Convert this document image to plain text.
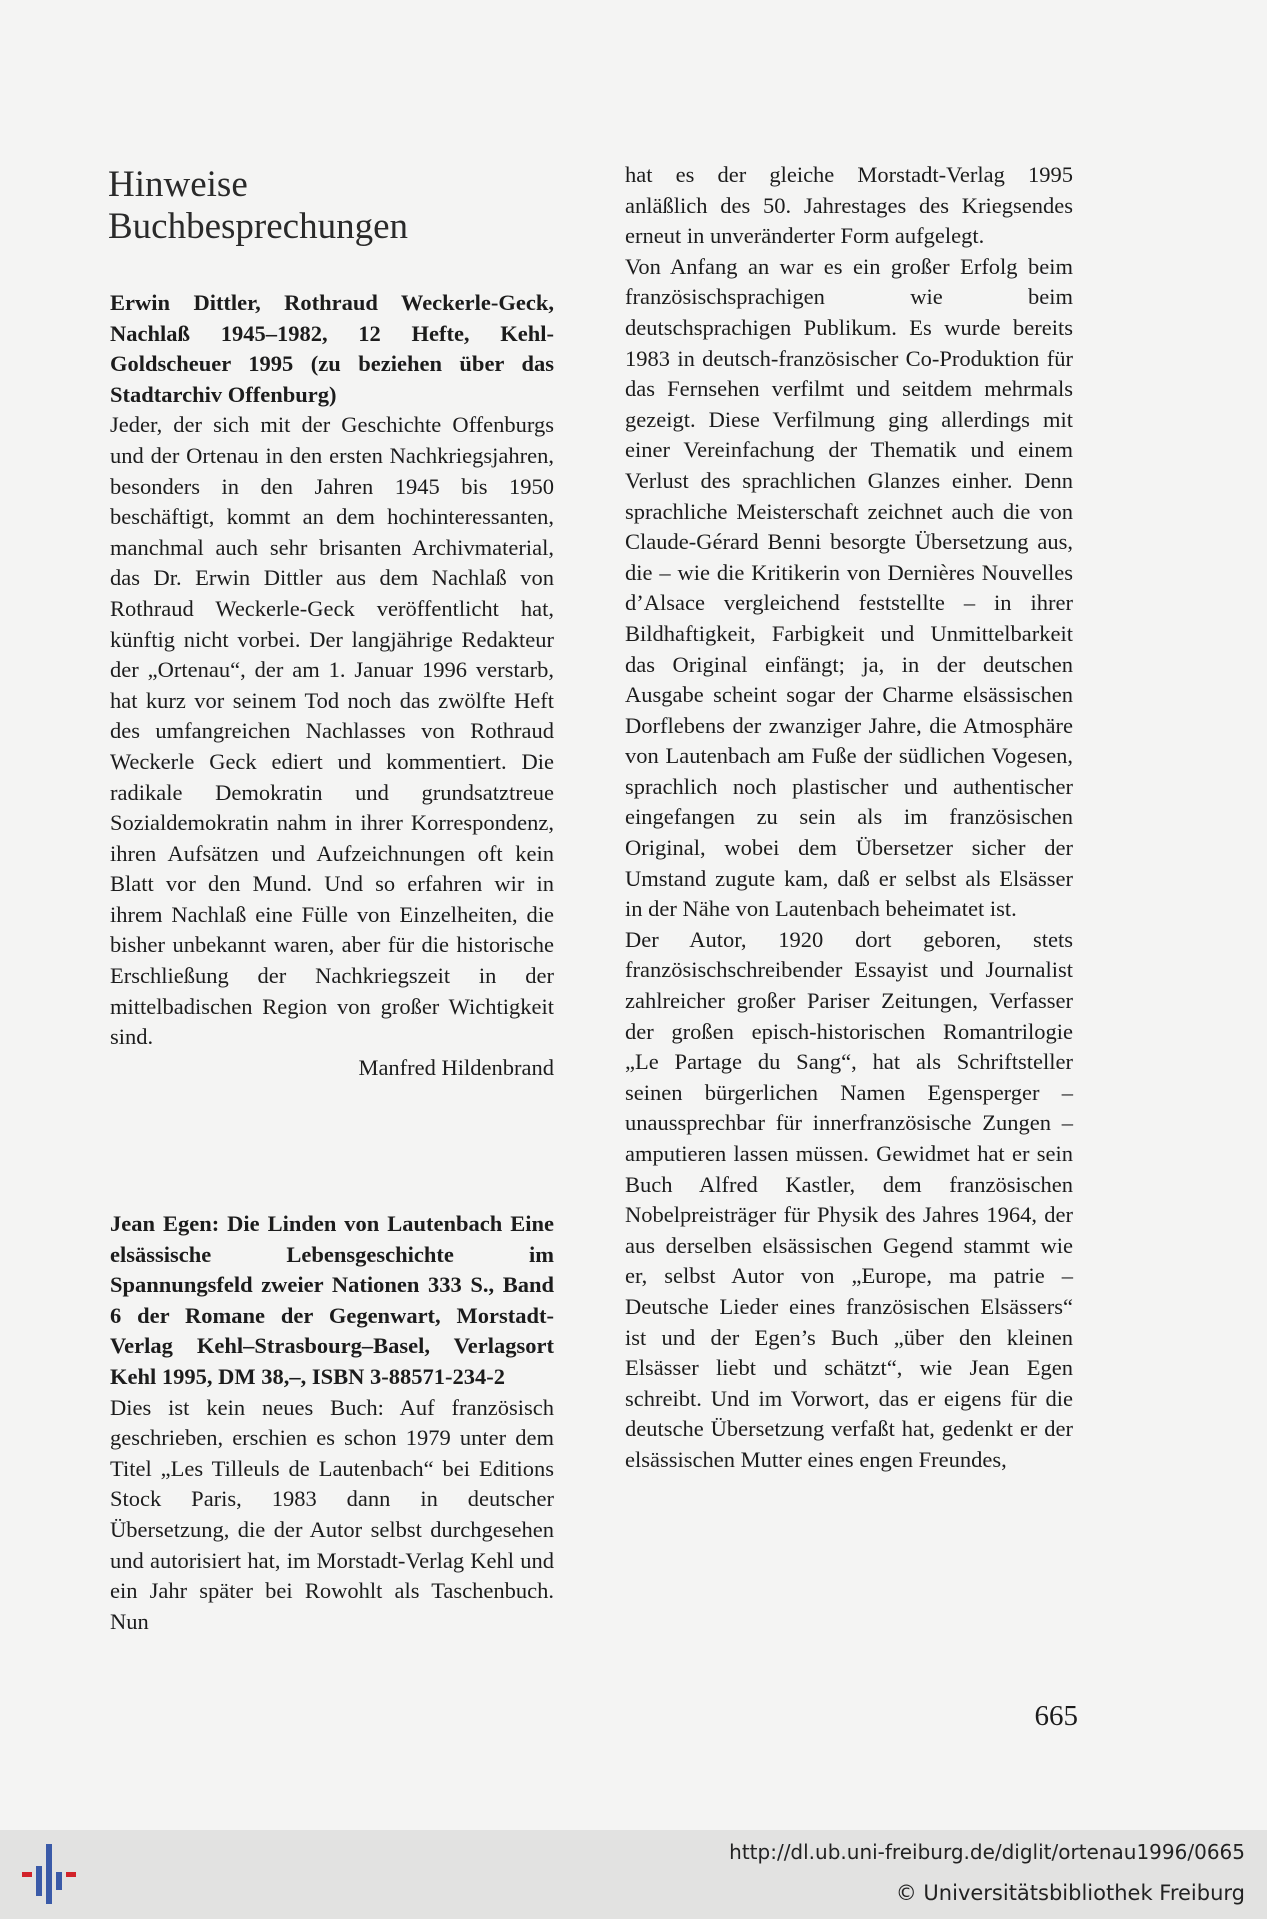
Hinweise
Buchbesprechungen

Erwin Dittler, Rothraud Weckerle-Geck, Nachlaß 1945–1982, 12 Hefte, Kehl-Goldscheuer 1995 (zu beziehen über das Stadtarchiv Offenburg)

Jeder, der sich mit der Geschichte Offenburgs und der Ortenau in den ersten Nachkriegsjahren, besonders in den Jahren 1945 bis 1950 beschäftigt, kommt an dem hochinteressanten, manchmal auch sehr brisanten Archivmaterial, das Dr. Erwin Dittler aus dem Nachlaß von Rothraud Weckerle-Geck veröffentlicht hat, künftig nicht vorbei. Der langjährige Redakteur der „Ortenau“, der am 1. Januar 1996 verstarb, hat kurz vor seinem Tod noch das zwölfte Heft des umfangreichen Nachlasses von Rothraud Weckerle Geck ediert und kommentiert. Die radikale Demokratin und grundsatztreue Sozialdemokratin nahm in ihrer Korrespondenz, ihren Aufsätzen und Aufzeichnungen oft kein Blatt vor den Mund. Und so erfahren wir in ihrem Nachlaß eine Fülle von Einzelheiten, die bisher unbekannt waren, aber für die historische Erschließung der Nachkriegszeit in der mittelbadischen Region von großer Wichtigkeit sind.

Manfred Hildenbrand

Jean Egen: Die Linden von Lautenbach Eine elsässische Lebensgeschichte im Spannungsfeld zweier Nationen 333 S., Band 6 der Romane der Gegenwart, Morstadt-Verlag Kehl–Strasbourg–Basel, Verlagsort Kehl 1995, DM 38,–, ISBN 3-88571-234-2

Dies ist kein neues Buch: Auf französisch geschrieben, erschien es schon 1979 unter dem Titel „Les Tilleuls de Lautenbach“ bei Editions Stock Paris, 1983 dann in deutscher Übersetzung, die der Autor selbst durchgesehen und autorisiert hat, im Morstadt-Verlag Kehl und ein Jahr später bei Rowohlt als Taschenbuch. Nun

hat es der gleiche Morstadt-Verlag 1995 anläßlich des 50. Jahrestages des Kriegsendes erneut in unveränderter Form aufgelegt.

Von Anfang an war es ein großer Erfolg beim französischsprachigen wie beim deutschsprachigen Publikum. Es wurde bereits 1983 in deutsch-französischer Co-Produktion für das Fernsehen verfilmt und seitdem mehrmals gezeigt. Diese Verfilmung ging allerdings mit einer Vereinfachung der Thematik und einem Verlust des sprachlichen Glanzes einher. Denn sprachliche Meisterschaft zeichnet auch die von Claude-Gérard Benni besorgte Übersetzung aus, die – wie die Kritikerin von Dernières Nouvelles d’Alsace vergleichend feststellte – in ihrer Bildhaftigkeit, Farbigkeit und Unmittelbarkeit das Original einfängt; ja, in der deutschen Ausgabe scheint sogar der Charme elsässischen Dorflebens der zwanziger Jahre, die Atmosphäre von Lautenbach am Fuße der südlichen Vogesen, sprachlich noch plastischer und authentischer eingefangen zu sein als im französischen Original, wobei dem Übersetzer sicher der Umstand zugute kam, daß er selbst als Elsässer in der Nähe von Lautenbach beheimatet ist.

Der Autor, 1920 dort geboren, stets französischschreibender Essayist und Journalist zahlreicher großer Pariser Zeitungen, Verfasser der großen episch-historischen Romantrilogie „Le Partage du Sang“, hat als Schriftsteller seinen bürgerlichen Namen Egensperger – unaussprechbar für innerfranzösische Zungen – amputieren lassen müssen. Gewidmet hat er sein Buch Alfred Kastler, dem französischen Nobelpreisträger für Physik des Jahres 1964, der aus derselben elsässischen Gegend stammt wie er, selbst Autor von „Europe, ma patrie – Deutsche Lieder eines französischen Elsässers“ ist und der Egen’s Buch „über den kleinen Elsässer liebt und schätzt“, wie Jean Egen schreibt. Und im Vorwort, das er eigens für die deutsche Übersetzung verfaßt hat, gedenkt er der elsässischen Mutter eines engen Freundes,

665
http://dl.ub.uni-freiburg.de/diglit/ortenau1996/0665
© Universitätsbibliothek Freiburg
